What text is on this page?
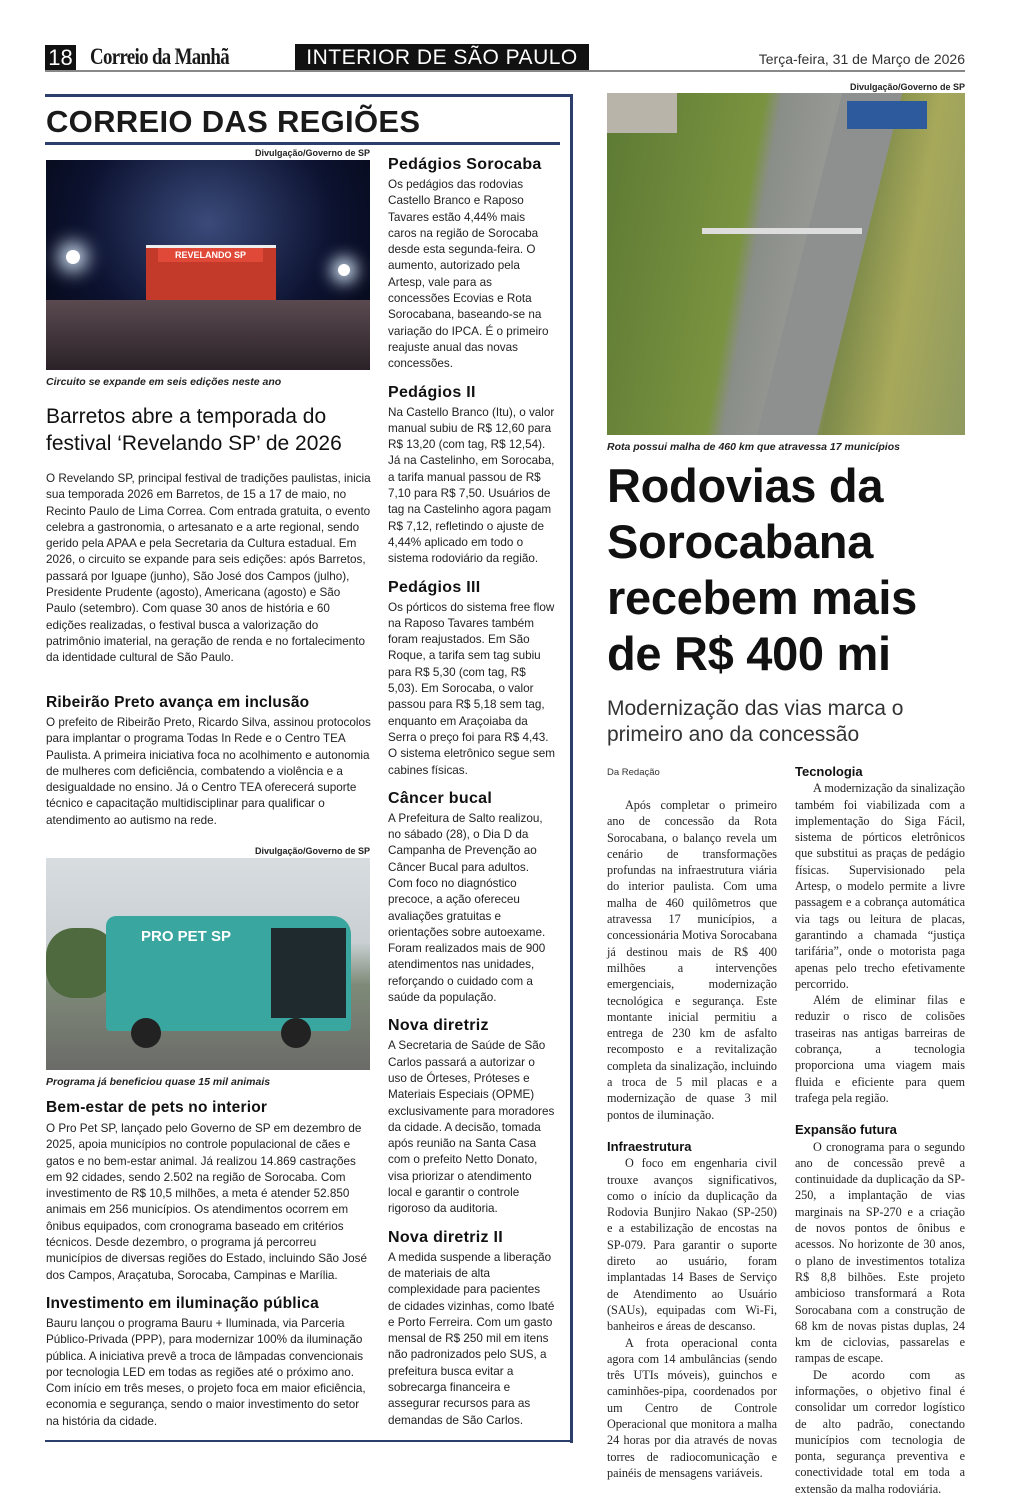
18 Correio da Manhã	INTERIOR DE SÃO PAULO	Terça-feira, 31 de Março de 2026
CORREIO DAS REGIÕES
Divulgação/Governo de SP
REVELANDO SP
Circuito se expande em seis edições neste ano
Barretos abre a temporada do festival ‘Revelando SP’ de 2026
O Revelando SP, principal festival de tradições paulistas, inicia sua temporada 2026 em Barretos, de 15 a 17 de maio, no Recinto Paulo de Lima Correa. Com entrada gratuita, o evento celebra a gastronomia, o artesanato e a arte regional, sendo gerido pela APAA e pela Secretaria da Cultura estadual. Em 2026, o circuito se expande para seis edições: após Barretos, passará por Iguape (junho), São José dos Campos (julho), Presidente Prudente (agosto), Americana (agosto) e São Paulo (setembro). Com quase 30 anos de história e 60 edições realizadas, o festival busca a valorização do patrimônio imaterial, na geração de renda e no fortalecimento da identidade cultural de São Paulo.
Ribeirão Preto avança em inclusão
O prefeito de Ribeirão Preto, Ricardo Silva, assinou protocolos para implantar o programa Todas In Rede e o Centro TEA Paulista. A primeira iniciativa foca no acolhimento e autonomia de mulheres com deficiência, combatendo a violência e a desigualdade no ensino. Já o Centro TEA oferecerá suporte técnico e capacitação multidisciplinar para qualificar o atendimento ao autismo na rede.
Divulgação/Governo de SP
PRO PET SP
Programa já beneficiou quase 15 mil animais
Bem-estar de pets no interior
O Pro Pet SP, lançado pelo Governo de SP em dezembro de 2025, apoia municípios no controle populacional de cães e gatos e no bem-estar animal. Já realizou 14.869 castrações em 92 cidades, sendo 2.502 na região de Sorocaba. Com investimento de R$ 10,5 milhões, a meta é atender 52.850 animais em 256 municípios. Os atendimentos ocorrem em ônibus equipados, com cronograma baseado em critérios técnicos. Desde dezembro, o programa já percorreu municípios de diversas regiões do Estado, incluindo São José dos Campos, Araçatuba, Sorocaba, Campinas e Marília.
Investimento em iluminação pública
Bauru lançou o programa Bauru + Iluminada, via Parceria Público-Privada (PPP), para modernizar 100% da iluminação pública. A iniciativa prevê a troca de lâmpadas convencionais por tecnologia LED em todas as regiões até o próximo ano. Com início em três meses, o projeto foca em maior eficiência, economia e segurança, sendo o maior investimento do setor na história da cidade.
Pedágios Sorocaba
Os pedágios das rodovias Castello Branco e Raposo Tavares estão 4,44% mais caros na região de Sorocaba desde esta segunda-feira. O aumento, autorizado pela Artesp, vale para as concessões Ecovias e Rota Sorocabana, baseando-se na variação do IPCA. É o primeiro reajuste anual das novas concessões.
Pedágios II
Na Castello Branco (Itu), o valor manual subiu de R$ 12,60 para R$ 13,20 (com tag, R$ 12,54). Já na Castelinho, em Sorocaba, a tarifa manual passou de R$ 7,10 para R$ 7,50. Usuários de tag na Castelinho agora pagam R$ 7,12, refletindo o ajuste de 4,44% aplicado em todo o sistema rodoviário da região.
Pedágios III
Os pórticos do sistema free flow na Raposo Tavares também foram reajustados. Em São Roque, a tarifa sem tag subiu para R$ 5,30 (com tag, R$ 5,03). Em Sorocaba, o valor passou para R$ 5,18 sem tag, enquanto em Araçoiaba da Serra o preço foi para R$ 4,43. O sistema eletrônico segue sem cabines físicas.
Câncer bucal
A Prefeitura de Salto realizou, no sábado (28), o Dia D da Campanha de Prevenção ao Câncer Bucal para adultos. Com foco no diagnóstico precoce, a ação ofereceu avaliações gratuitas e orientações sobre autoexame. Foram realizados mais de 900 atendimentos nas unidades, reforçando o cuidado com a saúde da população.
Nova diretriz
A Secretaria de Saúde de São Carlos passará a autorizar o uso de Órteses, Próteses e Materiais Especiais (OPME) exclusivamente para moradores da cidade. A decisão, tomada após reunião na Santa Casa com o prefeito Netto Donato, visa priorizar o atendimento local e garantir o controle rigoroso da auditoria.
Nova diretriz II
A medida suspende a liberação de materiais de alta complexidade para pacientes de cidades vizinhas, como Ibaté e Porto Ferreira. Com um gasto mensal de R$ 250 mil em itens não padronizados pelo SUS, a prefeitura busca evitar a sobrecarga financeira e assegurar recursos para as demandas de São Carlos.
Divulgação/Governo de SP
Rota possui malha de 460 km que atravessa 17 municípios
Rodovias da Sorocabana recebem mais de R$ 400 mi
Modernização das vias marca o primeiro ano da concessão
Da Redação

Após completar o primeiro ano de concessão da Rota Sorocabana, o balanço revela um cenário de transformações profundas na infraestrutura viária do interior paulista. Com uma malha de 460 quilômetros que atravessa 17 municípios, a concessionária Motiva Sorocabana já destinou mais de R$ 400 milhões a intervenções emergenciais, modernização tecnológica e segurança. Este montante inicial permitiu a entrega de 230 km de asfalto recomposto e a revitalização completa da sinalização, incluindo a troca de 5 mil placas e a modernização de quase 3 mil pontos de iluminação.

Infraestrutura

O foco em engenharia civil trouxe avanços significativos, como o início da duplicação da Rodovia Bunjiro Nakao (SP-250) e a estabilização de encostas na SP-079. Para garantir o suporte direto ao usuário, foram implantadas 14 Bases de Serviço de Atendimento ao Usuário (SAUs), equipadas com Wi-Fi, banheiros e áreas de descanso.

A frota operacional conta agora com 14 ambulâncias (sendo três UTIs móveis), guinchos e caminhões-pipa, coordenados por um Centro de Controle Operacional que monitora a malha 24 horas por dia através de novas torres de radiocomunicação e painéis de mensagens variáveis.

Tecnologia

A modernização da sinalização também foi viabilizada com a implementação do Siga Fácil, sistema de pórticos eletrônicos que substitui as praças de pedágio físicas. Supervisionado pela Artesp, o modelo permite a livre passagem e a cobrança automática via tags ou leitura de placas, garantindo a chamada “justiça tarifária”, onde o motorista paga apenas pelo trecho efetivamente percorrido.

Além de eliminar filas e reduzir o risco de colisões traseiras nas antigas barreiras de cobrança, a tecnologia proporciona uma viagem mais fluida e eficiente para quem trafega pela região.

Expansão futura

O cronograma para o segundo ano de concessão prevê a continuidade da duplicação da SP-250, a implantação de vias marginais na SP-270 e a criação de novos pontos de ônibus e acessos. No horizonte de 30 anos, o plano de investimentos totaliza R$ 8,8 bilhões. Este projeto ambicioso transformará a Rota Sorocabana com a construção de 68 km de novas pistas duplas, 24 km de ciclovias, passarelas e rampas de escape.

De acordo com as informações, o objetivo final é consolidar um corredor logístico de alto padrão, conectando municípios com tecnologia de ponta, segurança preventiva e conectividade total em toda a extensão da malha rodoviária.
